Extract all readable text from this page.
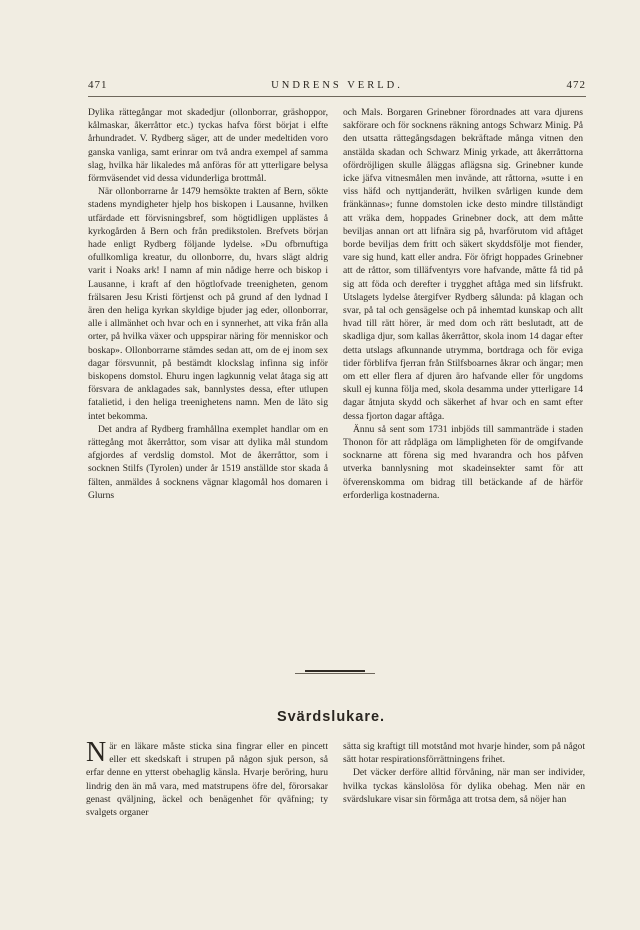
471	UNDRENS VERLD.	472

Dylika rättegångar mot skadedjur (ollonborrar, gräshoppor, kålmaskar, åkerråttor etc.) tyckas hafva först börjat i elfte århundradet. V. Rydberg säger, att de under medeltiden voro ganska vanliga, samt erinrar om två andra exempel af samma slag, hvilka här likaledes må anföras för att ytterligare belysa förmväsendet vid dessa vidunderliga brottmål.

När ollonborrarne år 1479 hemsökte trakten af Bern, sökte stadens myndigheter hjelp hos biskopen i Lausanne, hvilken utfärdade ett förvisningsbref, som högtidligen upplästes å kyrkogården å Bern och från predikstolen. Brefvets början hade enligt Rydberg följande lydelse. »Du ofbrnuftiga ofullkomliga kreatur, du ollonborre, du, hvars slägt aldrig varit i Noaks ark! I namn af min nådige herre och biskop i Lausanne, i kraft af den högtlofvade treenigheten, genom frälsaren Jesu Kristi förtjenst och på grund af den lydnad I ären den heliga kyrkan skyldige bjuder jag eder, ollonborrar, alle i allmänhet och hvar och en i synnerhet, att vika från alla orter, på hvilka växer och uppspirar näring för menniskor och boskap». Ollonborrarne stämdes sedan att, om de ej inom sex dagar försvunnit, på bestämdt klockslag infinna sig inför biskopens domstol. Ehuru ingen lagkunnig velat åtaga sig att försvara de anklagades sak, bannlystes dessa, efter utlupen fatalietid, i den heliga treenighetens namn. Men de läto sig intet bekomma.

Det andra af Rydberg framhållna exemplet handlar om en rättegång mot åkerråttor, som visar att dylika mål stundom afgjordes af verdslig domstol. Mot de åkerråttor, som i socknen Stilfs (Tyrolen) under år 1519 anställde stor skada å fälten, anmäldes å socknens vägnar klagomål hos domaren i Glurns

och Mals. Borgaren Grinebner förordnades att vara djurens sakförare och för socknens räkning antogs Schwarz Minig. På den utsatta rättegångsdagen bekräftade många vitnen den anstälda skadan och Schwarz Minig yrkade, att åkerråttorna ofördröjligen skulle åläggas aflägsna sig. Grinebner kunde icke jäfva vitnesmålen men invände, att råttorna, »sutte i en viss häfd och nyttjanderätt, hvilken svårligen kunde dem fränkännas»; funne domstolen icke desto mindre tillständigt att vräka dem, hoppades Grinebner dock, att dem måtte beviljas annan ort att lifnära sig på, hvarförutom vid aftåget borde beviljas dem fritt och säkert skyddsfölje mot fiender, vare sig hund, katt eller andra. För öfrigt hoppades Grinebner att de råttor, som tilläfventyrs vore hafvande, måtte få tid på sig att föda och derefter i trygghet aftåga med sin lifsfrukt. Utslagets lydelse återgifver Rydberg sålunda: på klagan och svar, på tal och gensägelse och på inhemtad kunskap och allt hvad till rätt hörer, är med dom och rätt beslutadt, att de skadliga djur, som kallas åkerråttor, skola inom 14 dagar efter detta utslags afkunnande utrymma, bortdraga och för eviga tider förblifva fjerran från Stilfsboarnes åkrar och ängar; men om ett eller flera af djuren äro hafvande eller för ungdoms skull ej kunna följa med, skola desamma under ytterligare 14 dagar åtnjuta skydd och säkerhet af hvar och en samt efter dessa fjorton dagar aftåga.

Ännu så sent som 1731 inbjöds till sammanträde i staden Thonon för att rådpläga om lämpligheten för de omgifvande socknarne att förena sig med hvarandra och hos påfven utverka bannlysning mot skadeinsekter samt för att öfverenskomma om bidrag till betäckande af de härför erforderliga kostnaderna.

Svärdslukare.

När en läkare måste sticka sina fingrar eller en pincett eller ett skedskaft i strupen på någon sjuk person, så erfar denne en ytterst obehaglig känsla. Hvarje beröring, huru lindrig den än må vara, med matstrupens öfre del, förorsakar genast qväljning, äckel och benägenhet för qväfning; ty svalgets organer

sätta sig kraftigt till motstånd mot hvarje hinder, som på något sätt hotar respirationsförrättningens frihet.

Det väcker derföre alltid förvåning, när man ser individer, hvilka tyckas känslolösa för dylika obehag. Men när en svärdslukare visar sin förmåga att trotsa dem, så nöjer han
